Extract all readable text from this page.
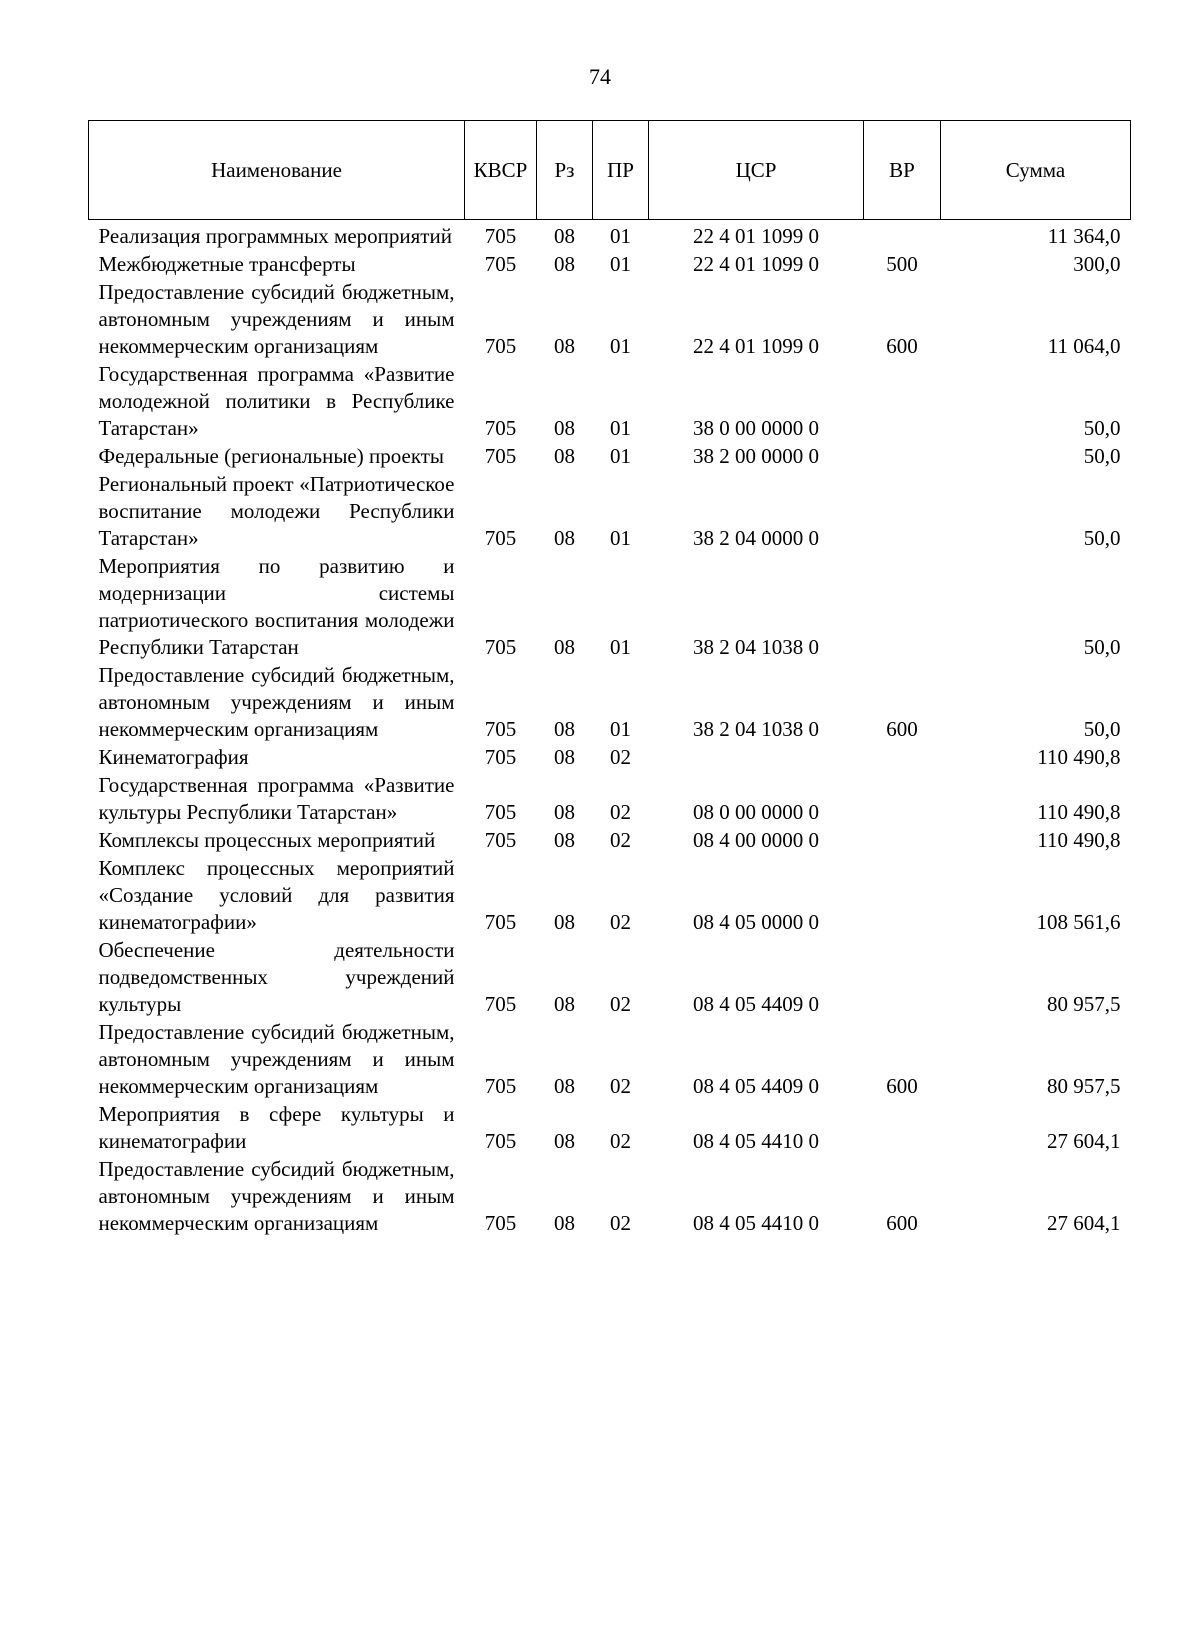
74
Наименование	КВСР	Рз	ПР	ЦСР	ВР	Сумма
Реализация программных мероприятий	705	08	01	22 4 01 1099 0		11 364,0
Межбюджетные трансферты	705	08	01	22 4 01 1099 0	500	300,0
Предоставление субсидий бюджетным, автономным учреждениям и иным некоммерческим организациям	705	08	01	22 4 01 1099 0	600	11 064,0
Государственная программа «Развитие молодежной политики в Республике Татарстан»	705	08	01	38 0 00 0000 0		50,0
Федеральные (региональные) проекты	705	08	01	38 2 00 0000 0		50,0
Региональный проект «Патриотическое воспитание молодежи Республики Татарстан»	705	08	01	38 2 04 0000 0		50,0
Мероприятия по развитию и модернизации системы патриотического воспитания молодежи Республики Татарстан	705	08	01	38 2 04 1038 0		50,0
Предоставление субсидий бюджетным, автономным учреждениям и иным некоммерческим организациям	705	08	01	38 2 04 1038 0	600	50,0
Кинематография	705	08	02			110 490,8
Государственная программа «Развитие культуры Республики Татарстан»	705	08	02	08 0 00 0000 0		110 490,8
Комплексы процессных мероприятий	705	08	02	08 4 00 0000 0		110 490,8
Комплекс процессных мероприятий «Создание условий для развития кинематографии»	705	08	02	08 4 05 0000 0		108 561,6
Обеспечение деятельности подведомственных учреждений культуры	705	08	02	08 4 05 4409 0		80 957,5
Предоставление субсидий бюджетным, автономным учреждениям и иным некоммерческим организациям	705	08	02	08 4 05 4409 0	600	80 957,5
Мероприятия в сфере культуры и кинематографии	705	08	02	08 4 05 4410 0		27 604,1
Предоставление субсидий бюджетным, автономным учреждениям и иным некоммерческим организациям	705	08	02	08 4 05 4410 0	600	27 604,1
